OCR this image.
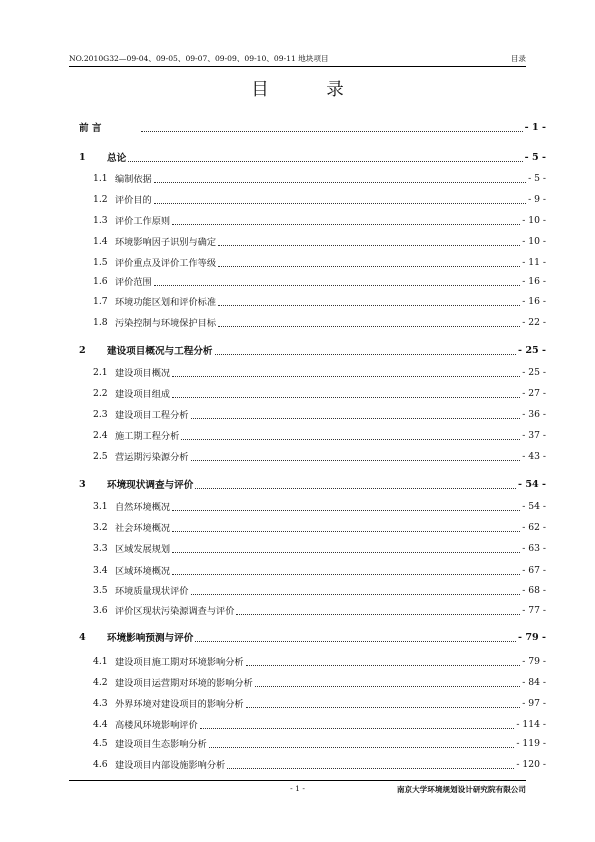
NO.2010G32—09-04、09-05、09-07、09-09、09-10、09-11 地块项目	目录
目 录
前 言	- 1 -
1	总论	- 5 -
1.1 编制依据	- 5 -
1.2 评价目的	- 9 -
1.3 评价工作原则	- 10 -
1.4 环境影响因子识别与确定	- 10 -
1.5 评价重点及评价工作等级	- 11 -
1.6 评价范围	- 16 -
1.7 环境功能区划和评价标准	- 16 -
1.8 污染控制与环境保护目标	- 22 -
2	建设项目概况与工程分析	- 25 -
2.1 建设项目概况	- 25 -
2.2 建设项目组成	- 27 -
2.3 建设项目工程分析	- 36 -
2.4 施工期工程分析	- 37 -
2.5 营运期污染源分析	- 43 -
3	环境现状调查与评价	- 54 -
3.1 自然环境概况	- 54 -
3.2 社会环境概况	- 62 -
3.3 区域发展规划	- 63 -
3.4 区域环境概况	- 67 -
3.5 环境质量现状评价	- 68 -
3.6 评价区现状污染源调查与评价	- 77 -
4	环境影响预测与评价	- 79 -
4.1 建设项目施工期对环境影响分析	- 79 -
4.2 建设项目运营期对环境的影响分析	- 84 -
4.3 外界环境对建设项目的影响分析	- 97 -
4.4 高楼风环境影响评价	- 114 -
4.5 建设项目生态影响分析	- 119 -
4.6 建设项目内部设施影响分析	- 120 -
- 1 -	南京大学环境规划设计研究院有限公司
